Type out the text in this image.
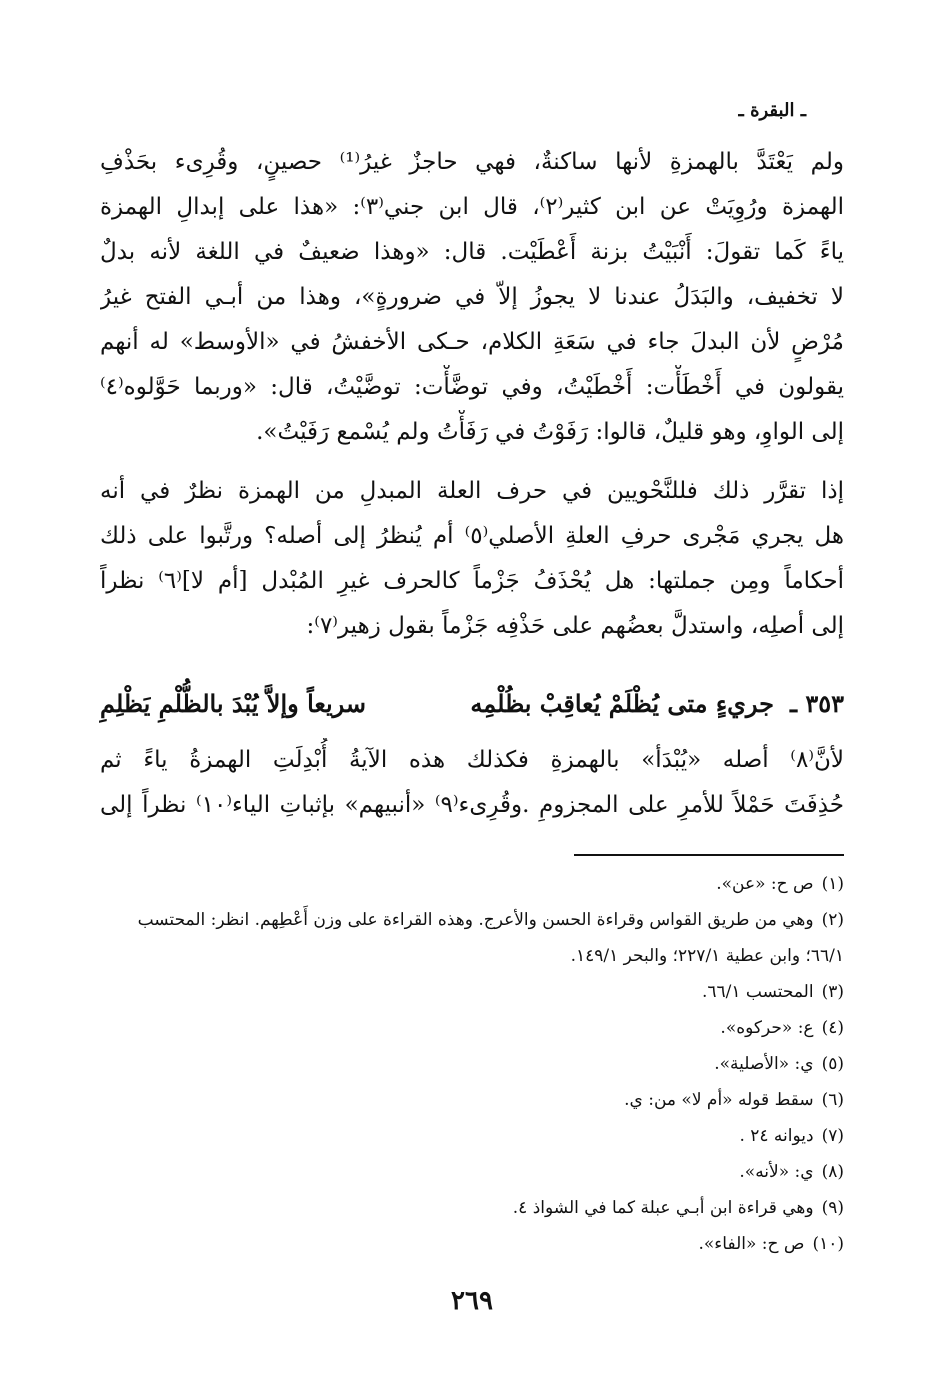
ـ البقرة ـ
ولم يَعْتَدَّ بالهمزةِ لأنها ساكنةٌ، فهي حاجزٌ غيرُ⁽¹⁾ حصينٍ، وقُرِىء بحَذْفِ
الهمزة ورُوِيَتْ عن ابن كثير⁽٢⁾، قال ابن جني⁽٣⁾: «هذا على إبدالِ الهمزة
ياءً كَما تقولَ: أَنْبَيْتُ بزنة أَعْطَيْت. قال: «وهذا ضعيفٌ في اللغة لأنه بدلٌ
لا تخفيف، والبَدَلُ عندنا لا يجوزُ إلاّ في ضرورةٍ»، وهذا من أبـي الفتح غيرُ
مُرْضٍ لأن البدلَ جاء في سَعَةِ الكلام، حـكى الأخفشُ في «الأوسط» له أنهم
يقولون في أَخْطَأْت: أَخْطَيْتُ، وفي توضَّأْت: توضَّيْتُ، قال: «وربما حَوَّلوه⁽٤⁾
إلى الواوِ، وهو قليلٌ، قالوا: رَفَوْتُ في رَفَأْتُ ولم يُسْمع رَفَيْتُ».
إذا تقرَّر ذلك فللنَّحْويين في حرف العلة المبدلِ من الهمزة نظرٌ في أنه
هل يجري مَجْرى حرفِ العلةِ الأصلي⁽٥⁾ أم يُنظرُ إلى أصله؟ ورتَّبوا على ذلك
أحكاماً ومِن جملتها: هل يُحْذَفُ جَزْماً كالحرف غيرِ المُبْدل [أم لا]⁽٦⁾ نظراً
إلى أصلِه، واستدلَّ بعضُهم على حَذْفِه جَزْماً بقول زهير⁽٧⁾:
٣٥٣ ـ
جريءٍ متى يُظْلَمْ يُعاقِبْ بظُلْمِه
سريعاً وإلاَّ يُبْدَ بالظُّلْمِ يَظْلِمِ
لأنَّ⁽٨⁾ أصله «يُبْدَأ» بالهمزةِ فكذلك هذه الآيةُ أُبْدِلَتِ الهمزةُ ياءً ثم
حُذِفَتَ حَمْلاً للأمرِ على المجزومِ .وقُرِىء⁽٩⁾ «أنبيهم» بإثباتِ الياء⁽١٠⁾ نظراً إلى
(١)ص ح: «عن».
(٢)وهي من طريق القواس وقراءة الحسن والأعرج. وهذه القراءة على وزن أَعْطِهم. انظر: المحتسب ٦٦/١؛ وابن عطية ٢٢٧/١؛ والبحر ١٤٩/١.
(٣)المحتسب ٦٦/١.
(٤)ع: «حركوه».
(٥)ي: «الأصلية».
(٦)سقط قوله «أم لا» من: ي.
(٧)ديوانه ٢٤ .
(٨)ي: «لأنه».
(٩)وهي قراءة ابن أبـي عبلة كما في الشواذ ٤.
(١٠)ص ح: «الفاء».
٢٦٩
